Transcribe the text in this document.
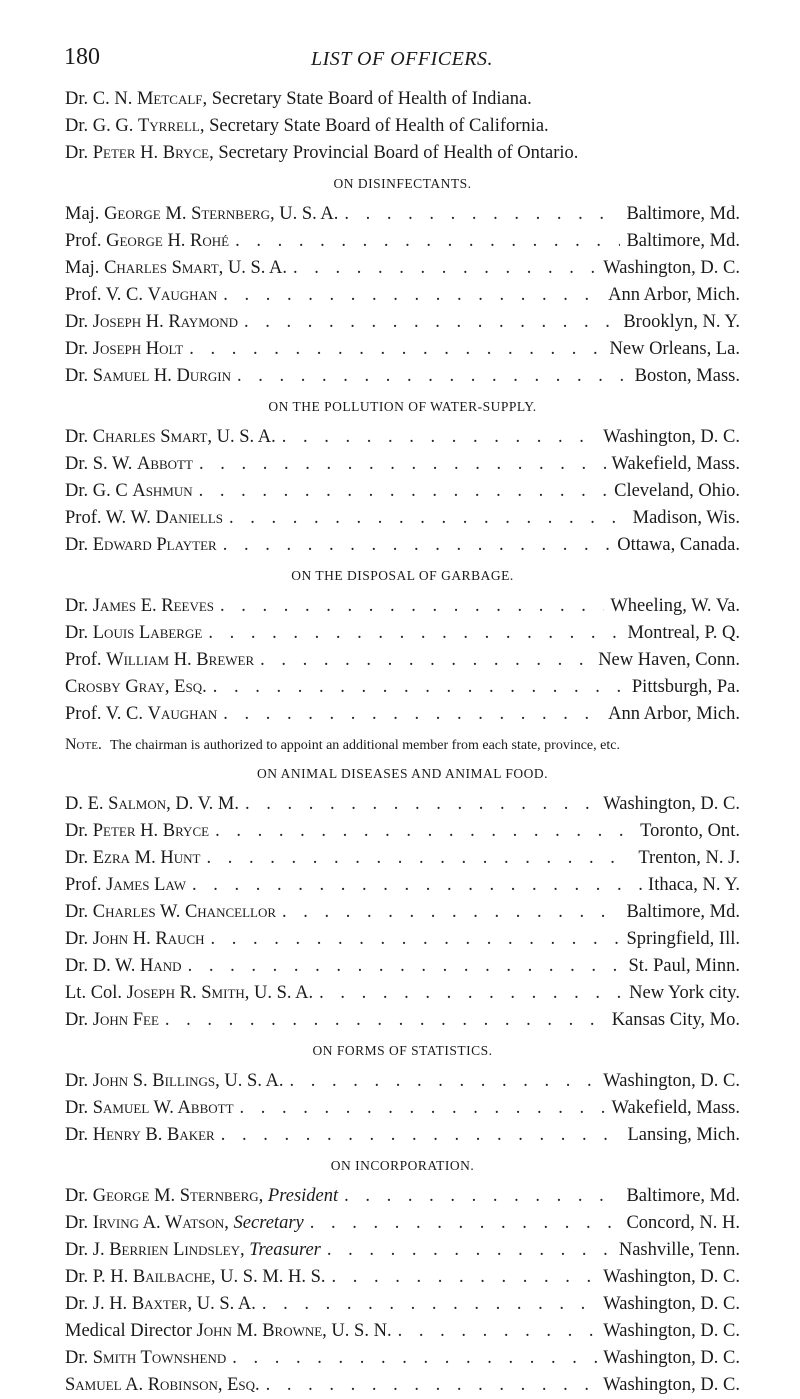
180	LIST OF OFFICERS.
Dr. C. N. Metcalf, Secretary State Board of Health of Indiana.
Dr. G. G. Tyrrell, Secretary State Board of Health of California.
Dr. Peter H. Bryce, Secretary Provincial Board of Health of Ontario.
ON DISINFECTANTS.
Maj. George M. Sternberg, U. S. A. . . .	Baltimore, Md.
Prof. George H. Rohé . . .	Baltimore, Md.
Maj. Charles Smart, U. S. A. . . .	Washington, D. C.
Prof. V. C. Vaughan . . .	Ann Arbor, Mich.
Dr. Joseph H. Raymond . . .	Brooklyn, N. Y.
Dr. Joseph Holt . . .	New Orleans, La.
Dr. Samuel H. Durgin . . .	Boston, Mass.
ON THE POLLUTION OF WATER-SUPPLY.
Dr. Charles Smart, U. S. A. . . .	Washington, D. C.
Dr. S. W. Abbott . . .	Wakefield, Mass.
Dr. G. C Ashmun . . .	Cleveland, Ohio.
Prof. W. W. Daniells . . .	Madison, Wis.
Dr. Edward Playter . . .	Ottawa, Canada.
ON THE DISPOSAL OF GARBAGE.
Dr. James E. Reeves . . .	Wheeling, W. Va.
Dr. Louis Laberge . . .	Montreal, P. Q.
Prof. William H. Brewer . . .	New Haven, Conn.
Crosby Gray, Esq. . . .	Pittsburgh, Pa.
Prof. V. C. Vaughan . . .	Ann Arbor, Mich.
Note. The chairman is authorized to appoint an additional member from each state, province, etc.
ON ANIMAL DISEASES AND ANIMAL FOOD.
D. E. Salmon, D. V. M. . . .	Washington, D. C.
Dr. Peter H. Bryce . . .	Toronto, Ont.
Dr. Ezra M. Hunt . . .	Trenton, N. J.
Prof. James Law . . .	Ithaca, N. Y.
Dr. Charles W. Chancellor . . .	Baltimore, Md.
Dr. John H. Rauch . . .	Springfield, Ill.
Dr. D. W. Hand . . .	St. Paul, Minn.
Lt. Col. Joseph R. Smith, U. S. A. . . .	New York city.
Dr. John Fee . . .	Kansas City, Mo.
ON FORMS OF STATISTICS.
Dr. John S. Billings, U. S. A. . . .	Washington, D. C.
Dr. Samuel W. Abbott . . .	Wakefield, Mass.
Dr. Henry B. Baker . . .	Lansing, Mich.
ON INCORPORATION.
Dr. George M. Sternberg, President . . .	Baltimore, Md.
Dr. Irving A. Watson, Secretary . . .	Concord, N. H.
Dr. J. Berrien Lindsley, Treasurer . . .	Nashville, Tenn.
Dr. P. H. Bailbache, U. S. M. H. S. . . .	Washington, D. C.
Dr. J. H. Baxter, U. S. A. . . .	Washington, D. C.
Medical Director John M. Browne, U. S. N. . . .	Washington, D. C.
Dr. Smith Townshend . . .	Washington, D. C.
Samuel A. Robinson, Esq. . . .	Washington, D. C.
